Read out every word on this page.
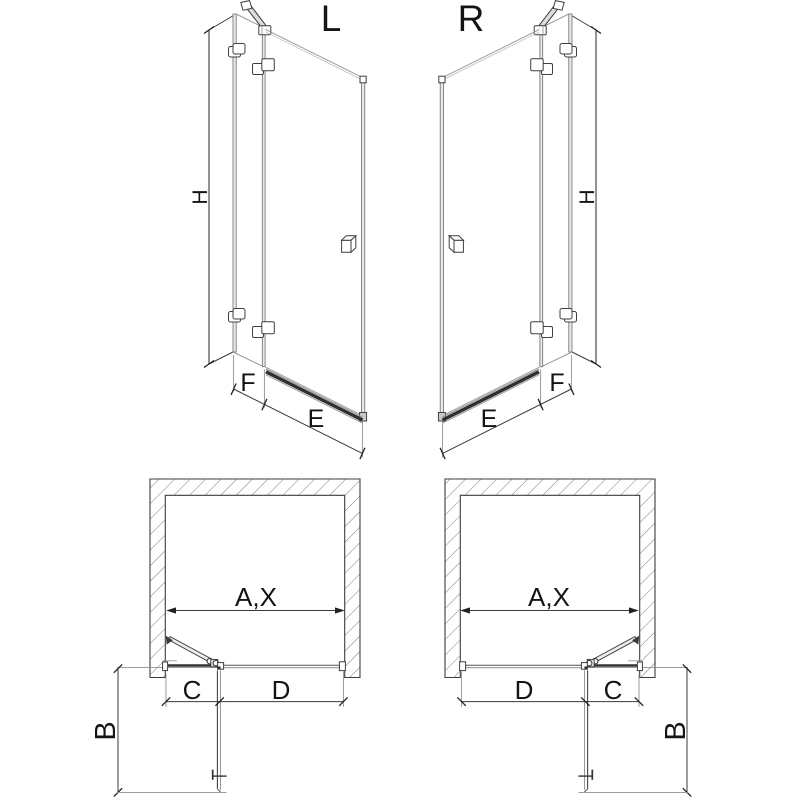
L	R
H	H
F
E	E
F
A,X	A,X
C	D	D	C
B	B
